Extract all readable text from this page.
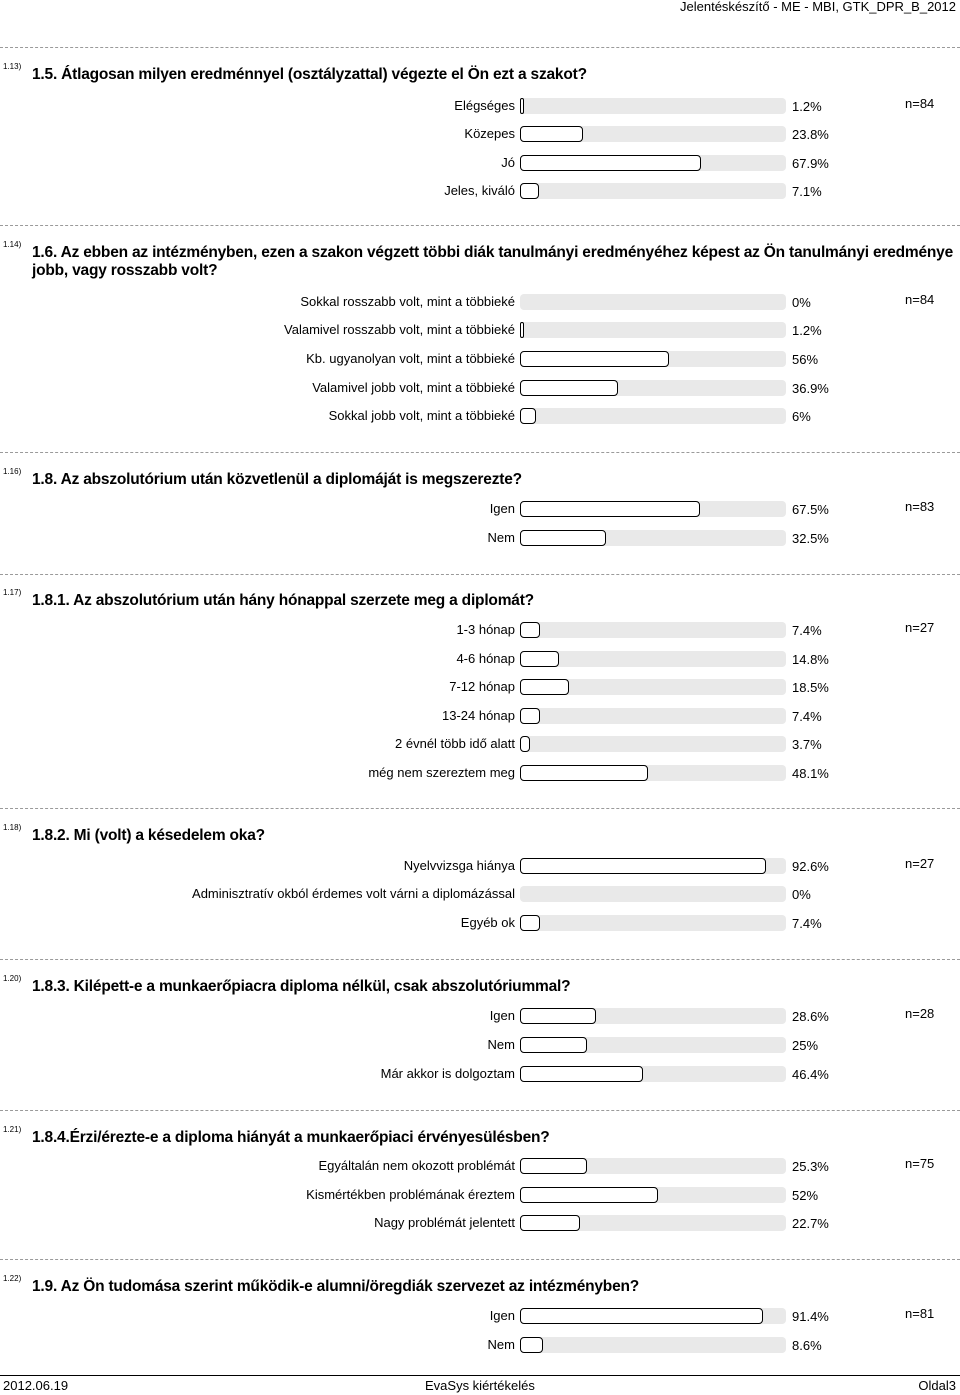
Jelentéskészítő - ME - MBI, GTK_DPR_B_2012
1.13) 1.5. Átlagosan milyen eredménnyel (osztályzattal) végezte el Ön ezt a szakot?
n=84
Elégséges	1.2%
Közepes	23.8%
Jó	67.9%
Jeles, kiváló	7.1%
1.14) 1.6. Az ebben az intézményben, ezen a szakon végzett többi diák tanulmányi eredményéhez képest az Ön tanulmányi eredménye jobb, vagy rosszabb volt?
n=84
Sokkal rosszabb volt, mint a többieké	0%
Valamivel rosszabb volt, mint a többieké	1.2%
Kb. ugyanolyan volt, mint a többieké	56%
Valamivel jobb volt, mint a többieké	36.9%
Sokkal jobb volt, mint a többieké	6%
1.16) 1.8. Az abszolutórium után közvetlenül a diplomáját is megszerezte?
n=83
Igen	67.5%
Nem	32.5%
1.17) 1.8.1. Az abszolutórium után hány hónappal szerzete meg a diplomát?
n=27
1-3 hónap	7.4%
4-6 hónap	14.8%
7-12 hónap	18.5%
13-24 hónap	7.4%
2 évnél több idő alatt	3.7%
még nem szereztem meg	48.1%
1.18) 1.8.2. Mi (volt) a késedelem oka?
n=27
Nyelvvizsga hiánya	92.6%
Adminisztratív okból érdemes volt várni a diplomázással	0%
Egyéb ok	7.4%
1.20) 1.8.3. Kilépett-e a munkaerőpiacra diploma nélkül, csak abszolutóriummal?
n=28
Igen	28.6%
Nem	25%
Már akkor is dolgoztam	46.4%
1.21) 1.8.4.Érzi/érezte-e a diploma hiányát a munkaerőpiaci érvényesülésben?
n=75
Egyáltalán nem okozott problémát	25.3%
Kismértékben problémának éreztem	52%
Nagy problémát jelentett	22.7%
1.22) 1.9. Az Ön tudomása szerint működik-e alumni/öregdiák szervezet az intézményben?
n=81
Igen	91.4%
Nem	8.6%
2012.06.19	EvaSys kiértékelés	Oldal3
